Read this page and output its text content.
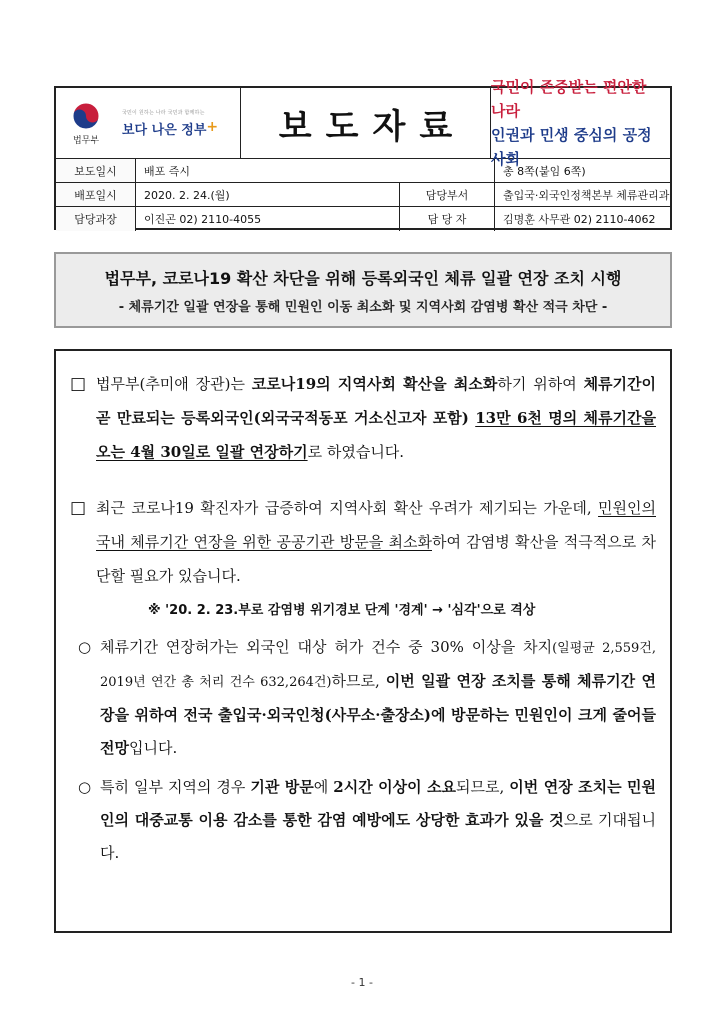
법무부
국민이 원하는 나라 국민과 함께하는
보다 나은 정부+	보도자료
국민이 존중받는 편안한 나라
인권과 민생 중심의 공정사회
보도일시	배포 즉시	총 8쪽(붙임 6쪽)
배포일시	2020. 2. 24.(월)	담당부서	출입국·외국인정책본부 체류관리과
담당과장	이진곤 02) 2110-4055	담 당 자	김명훈 사무관 02) 2110-4062
법무부, 코로나19 확산 차단을 위해 등록외국인 체류 일괄 연장 조치 시행
- 체류기간 일괄 연장을 통해 민원인 이동 최소화 및 지역사회 감염병 확산 적극 차단 -
□ 법무부(추미애 장관)는 코로나19의 지역사회 확산을 최소화하기 위하여 체류기간이 곧 만료되는 등록외국인(외국국적동포 거소신고자 포함) 13만 6천 명의 체류기간을 오는 4월 30일로 일괄 연장하기로 하였습니다.
□ 최근 코로나19 확진자가 급증하여 지역사회 확산 우려가 제기되는 가운데, 민원인의 국내 체류기간 연장을 위한 공공기관 방문을 최소화하여 감염병 확산을 적극적으로 차단할 필요가 있습니다.
※ '20. 2. 23.부로 감염병 위기경보 단계 '경계' → '심각'으로 격상
○ 체류기간 연장허가는 외국인 대상 허가 건수 중 30% 이상을 차지(일평균 2,559건, 2019년 연간 총 처리 건수 632,264건)하므로, 이번 일괄 연장 조치를 통해 체류기간 연장을 위하여 전국 출입국·외국인청(사무소·출장소)에 방문하는 민원인이 크게 줄어들 전망입니다.
○ 특히 일부 지역의 경우 기관 방문에 2시간 이상이 소요되므로, 이번 연장 조치는 민원인의 대중교통 이용 감소를 통한 감염 예방에도 상당한 효과가 있을 것으로 기대됩니다.
- 1 -
